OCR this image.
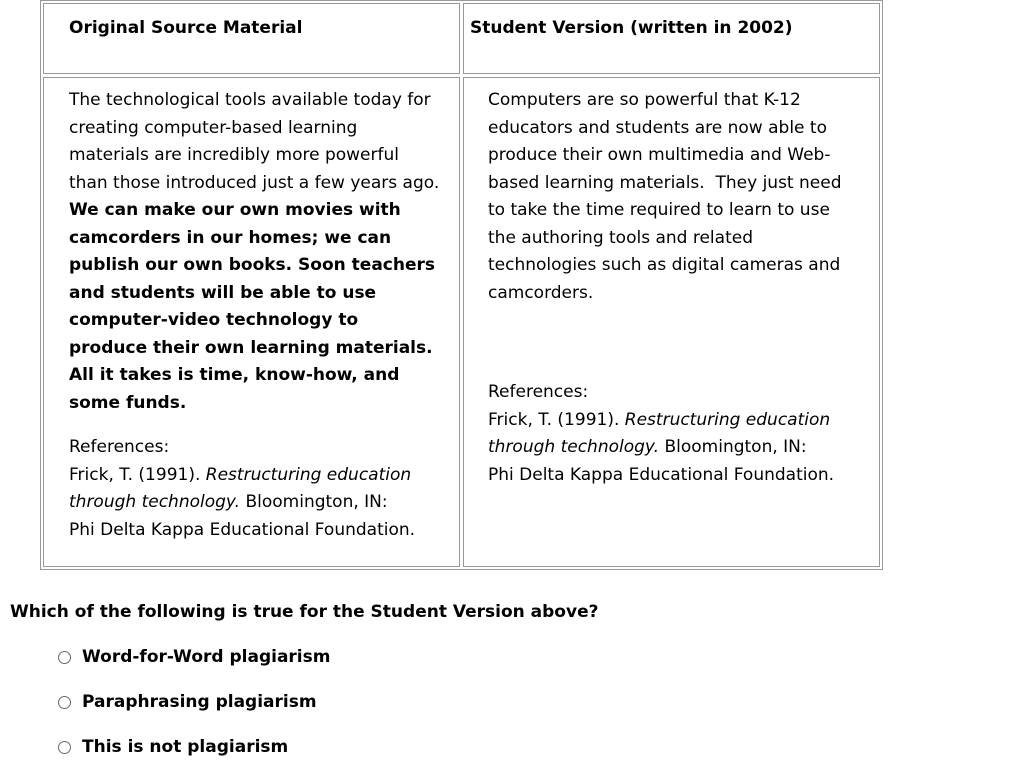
Original Source Material	Student Version (written in 2002)
The technological tools available today for creating computer-based learning materials are incredibly more powerful than those introduced just a few years ago. We can make our own movies with camcorders in our homes; we can publish our own books. Soon teachers and students will be able to use computer-video technology to produce their own learning materials. All it takes is time, know-how, and some funds.

References:

Frick, T. (1991). Restructuring education

through technology. Bloomington, IN:

Phi Delta Kappa Educational Foundation.

Computers are so powerful that K-12 educators and students are now able to produce their own multimedia and Web-based learning materials.  They just need to take the time required to learn to use the authoring tools and related technologies such as digital cameras and camcorders.

References:

Frick, T. (1991). Restructuring education

through technology. Bloomington, IN:

Phi Delta Kappa Educational Foundation.

Which of the following is true for the Student Version above?
Word-for-Word plagiarism
Paraphrasing plagiarism
This is not plagiarism
